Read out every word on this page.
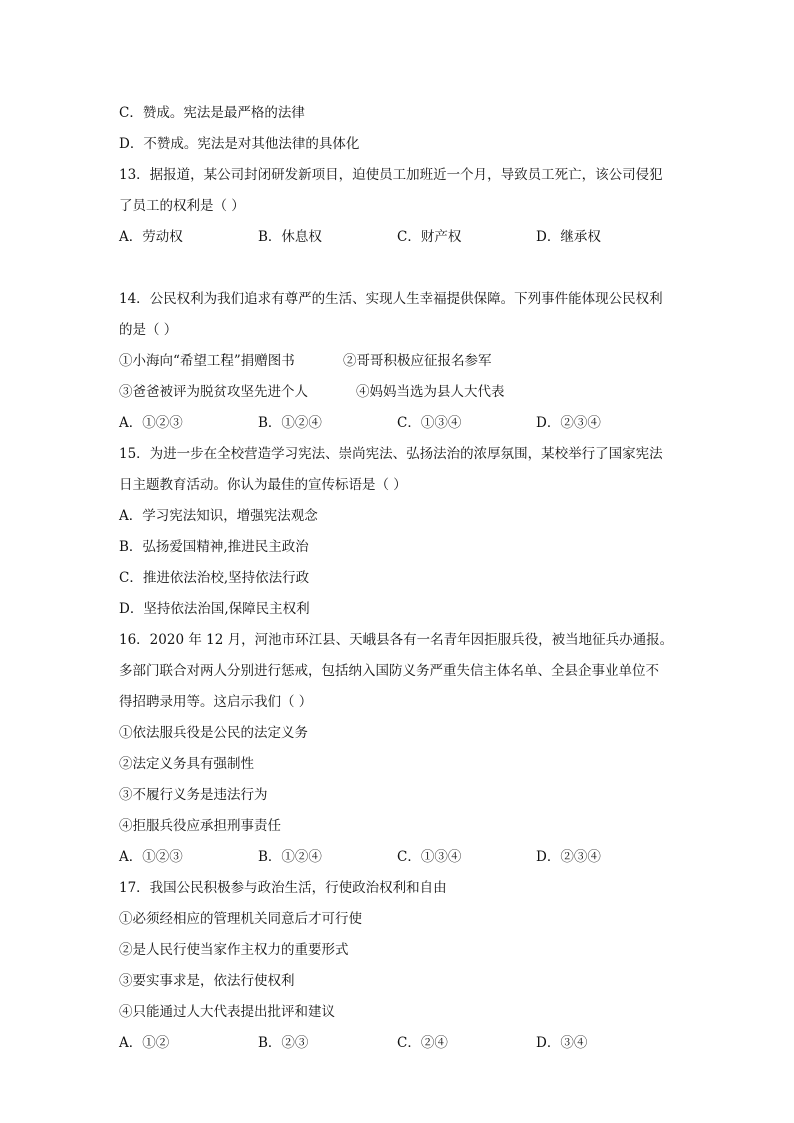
C．赞成。宪法是最严格的法律
D．不赞成。宪法是对其他法律的具体化
13．据报道，某公司封闭研发新项目，迫使员工加班近一个月，导致员工死亡，该公司侵犯
了员工的权利是（ ）
A．劳动权	B．休息权	C．财产权	D．继承权
14．公民权利为我们追求有尊严的生活、实现人生幸福提供保障。下列事件能体现公民权利
的是（ ）
①小海向“希望工程”捐赠图书	②哥哥积极应征报名参军
③爸爸被评为脱贫攻坚先进个人	④妈妈当选为县人大代表
A．①②③	B．①②④	C．①③④	D．②③④
15．为进一步在全校营造学习宪法、崇尚宪法、弘扬法治的浓厚氛围，某校举行了国家宪法
日主题教育活动。你认为最佳的宣传标语是（ ）
A．学习宪法知识，增强宪法观念
B．弘扬爱国精神,推进民主政治
C．推进依法治校,坚持依法行政
D．坚持依法治国,保障民主权利
16．2020 年 12 月，河池市环江县、天峨县各有一名青年因拒服兵役，被当地征兵办通报。
多部门联合对两人分别进行惩戒，包括纳入国防义务严重失信主体名单、全县企事业单位不
得招聘录用等。这启示我们（ ）
①依法服兵役是公民的法定义务
②法定义务具有强制性
③不履行义务是违法行为
④拒服兵役应承担刑事责任
A．①②③	B．①②④	C．①③④	D．②③④
17．我国公民积极参与政治生活，行使政治权利和自由
①必须经相应的管理机关同意后才可行使
②是人民行使当家作主权力的重要形式
③要实事求是，依法行使权利
④只能通过人大代表提出批评和建议
A．①②	B．②③	C．②④	D．③④
